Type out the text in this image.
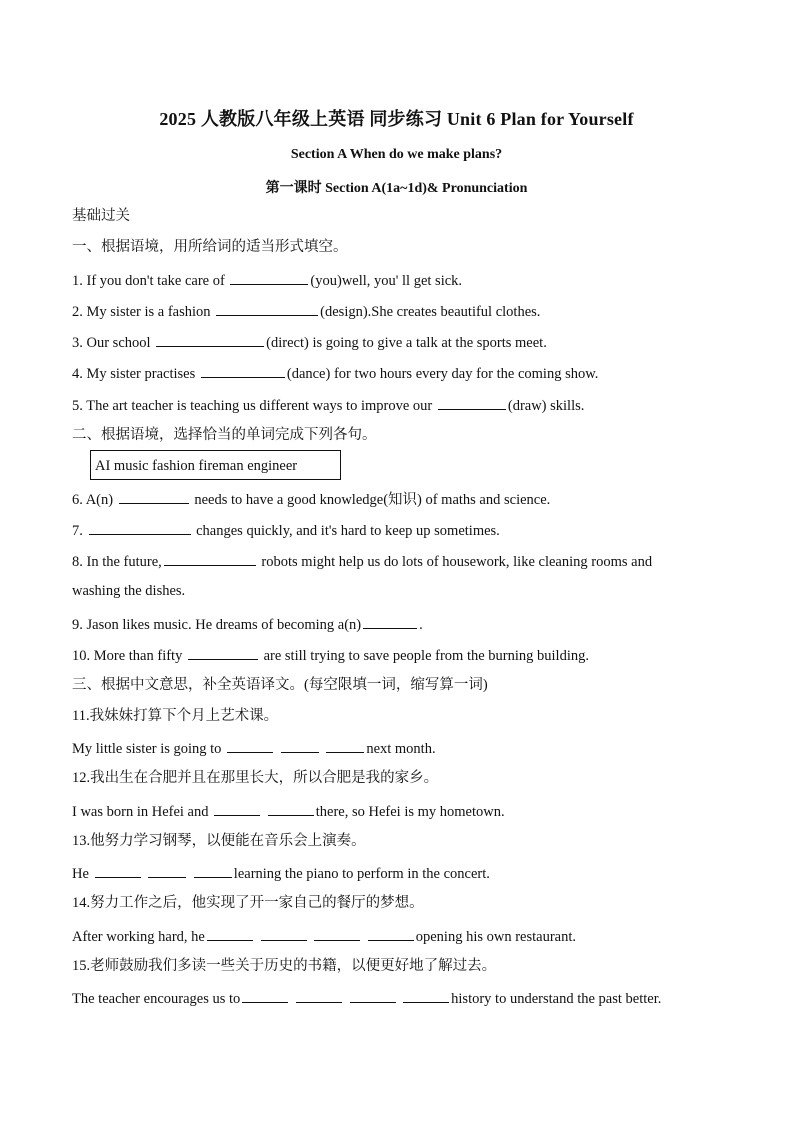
2025 人教版八年级上英语 同步练习 Unit 6 Plan for Yourself
Section A When do we make plans?
第一课时 Section A(1a~1d)& Pronunciation
基础过关
一、根据语境，用所给词的适当形式填空。
1. If you don't take care of	(you)well, you' ll get sick.
2. My sister is a fashion	(design).She creates beautiful clothes.
3. Our school	(direct) is going to give a talk at the sports meet.
4. My sister practises	(dance) for two hours every day for the coming show.
5. The art teacher is teaching us different ways to improve our	(draw) skills.
二、根据语境，选择恰当的单词完成下列各句。
AI music fashion fireman engineer
6. A(n)	needs to have a good knowledge(知识) of maths and science.
7.	changes quickly, and it's hard to keep up sometimes.
8. In the future,	robots might help us do lots of housework, like cleaning rooms and
washing the dishes.
9. Jason likes music. He dreams of becoming a(n)	.
10. More than fifty	are still trying to save people from the burning building.
三、根据中文意思，补全英语译文。(每空限填一词，缩写算一词)
11.我妹妹打算下个月上艺术课。
My little sister is going to	next month.
12.我出生在合肥并且在那里长大，所以合肥是我的家乡。
I was born in Hefei and	there, so Hefei is my hometown.
13.他努力学习钢琴，以便能在音乐会上演奏。
He	learning the piano to perform in the concert.
14.努力工作之后，他实现了开一家自己的餐厅的梦想。
After working hard, he	opening his own restaurant.
15.老师鼓励我们多读一些关于历史的书籍，以便更好地了解过去。
The teacher encourages us to	history to understand the past better.
